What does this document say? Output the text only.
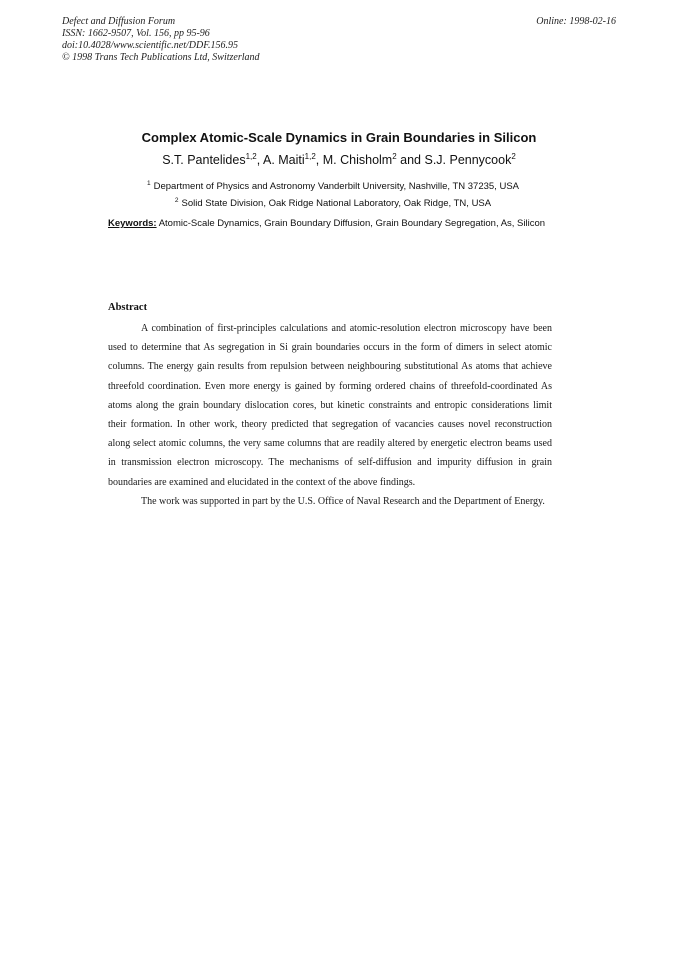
Defect and Diffusion Forum
ISSN: 1662-9507, Vol. 156, pp 95-96
doi:10.4028/www.scientific.net/DDF.156.95
© 1998 Trans Tech Publications Ltd, Switzerland
Online: 1998-02-16
Complex Atomic-Scale Dynamics in Grain Boundaries in Silicon
S.T. Pantelides$^{1,2}$, A. Maiti$^{1,2}$, M. Chisholm$^2$ and S.J. Pennycook$^2$
$^1$ Department of Physics and Astronomy Vanderbilt University, Nashville, TN 37235, USA
$^2$ Solid State Division, Oak Ridge National Laboratory, Oak Ridge, TN, USA
Keywords: Atomic-Scale Dynamics, Grain Boundary Diffusion, Grain Boundary Segregation, As, Silicon
Abstract

A combination of first-principles calculations and atomic-resolution electron microscopy have been used to determine that As segregation in Si grain boundaries occurs in the form of dimers in select atomic columns. The energy gain results from repulsion between neighbouring substitutional As atoms that achieve threefold coordination. Even more energy is gained by forming ordered chains of threefold-coordinated As atoms along the grain boundary dislocation cores, but kinetic constraints and entropic considerations limit their formation. In other work, theory predicted that segregation of vacancies causes novel reconstruction along select atomic columns, the very same columns that are readily altered by energetic electron beams used in transmission electron microscopy. The mechanisms of self-diffusion and impurity diffusion in grain boundaries are examined and elucidated in the context of the above findings.

The work was supported in part by the U.S. Office of Naval Research and the Department of Energy.
